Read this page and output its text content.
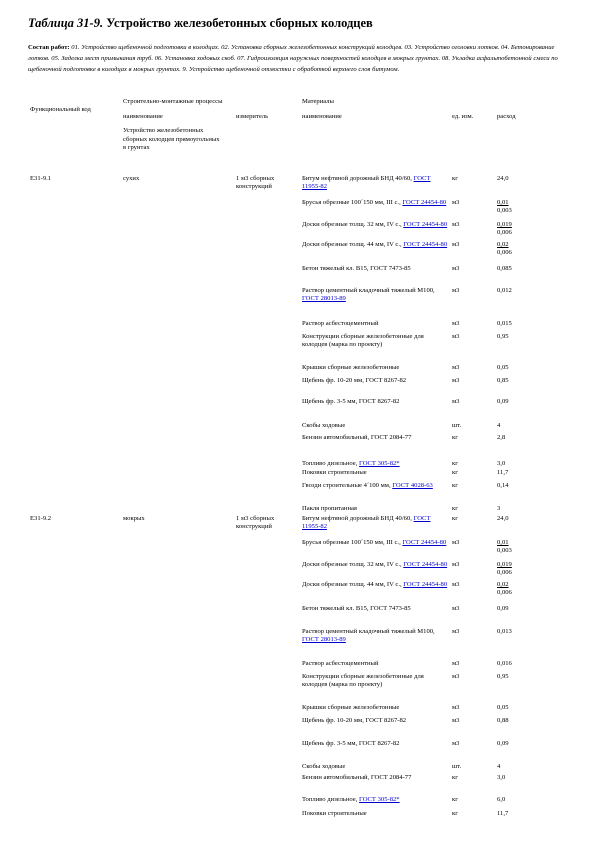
Таблица 31-9. Устройство железобетонных сборных колодцев
Состав работ: 01. Устройство щебеночной подготовки в колодцах. 02. Установка сборных железобетонных конструкций колодцев. 03. Устройство оголовки лотков. 04. Бетонирование лотков. 05. Заделка мест примыкания труб. 06. Установка ходовых скоб. 07. Гидроизоляция наружных поверхностей колодцев в мокрых грунтах. 08. Укладка асфальтобетонной смеси по щебеночной подготовке в колодцах в мокрых грунтах. 9. Устройство щебеночной отмостки с обработкой верхнего слоя битумом.
Функциональный код
Строительно-монтажные процессы
наименование	измеритель
Материалы
наименование	ед. изм.	расход
Устройство железобетонных сборных колодцев прямоугольных в грунтах
Е31-9.1	сухих	1 м3 сборных конструкций
Битум нефтяной дорожный БНД 40/60, ГОСТ 11955-82
кг	24,0
Брусья обрезные 100´150 мм, III с., ГОСТ 24454-80 м3	0,01
0,003
Доски обрезные толщ. 32 мм, IV с., ГОСТ 24454-80 м3	0,019
0,006
Доски обрезные толщ. 44 мм, IV с., ГОСТ 24454-80 м3	0,02
0,006
Бетон тяжелый кл. В15, ГОСТ 7473-85	м3	0,085
Раствор цементный кладочный тяжелый М100, ГОСТ 28013-89
м3	0,012
Раствор асбестоцементный	м3	0,015
Конструкции сборные железобетонные для колодцев (марка по проекту)
м3	0,95
Крышки сборные железобетонные	м3	0,05
Щебень фр. 10-20 мм, ГОСТ 8267-82	м3	0,85
Щебень фр. 3-5 мм, ГОСТ 8267-82	м3	0,09
Скобы ходовые	шт.	4
Бензин автомобильный, ГОСТ 2084-77	кг	2,8
Топливо дизельное, ГОСТ 305-82*	кг	3,0
Поковки строительные	кг	11,7
Гвозди строительные 4´100 мм, ГОСТ 4028-63	кг	0,14
Пакля пропитанная	кг	3
Е31-9.2	мокрых	1 м3 сборных конструкций
Битум нефтяной дорожный БНД 40/60, ГОСТ 11955-82
кг	24,0
Брусья обрезные 100´150 мм, III с., ГОСТ 24454-80 м3	0,01
0,003
Доски обрезные толщ. 32 мм, IV с., ГОСТ 24454-80 м3	0,019
0,006
Доски обрезные толщ. 44 мм, IV с., ГОСТ 24454-80 м3	0,02
0,006
Бетон тяжелый кл. В15, ГОСТ 7473-85	м3	0,09
Раствор цементный кладочный тяжелый М100, ГОСТ 28013-89
м3	0,013
Раствор асбестоцементный	м3	0,016
Конструкции сборные железобетонные для колодцев (марка по проекту)
м3	0,95
Крышки сборные железобетонные	м3	0,05
Щебень фр. 10-20 мм, ГОСТ 8267-82	м3	0,88
Щебень фр. 3-5 мм, ГОСТ 8267-82	м3	0,09
Скобы ходовые	шт.	4
Бензин автомобильный, ГОСТ 2084-77	кг	3,0
Топливо дизельное, ГОСТ 305-82*	кг	6,0
Поковки строительные	кг	11,7
